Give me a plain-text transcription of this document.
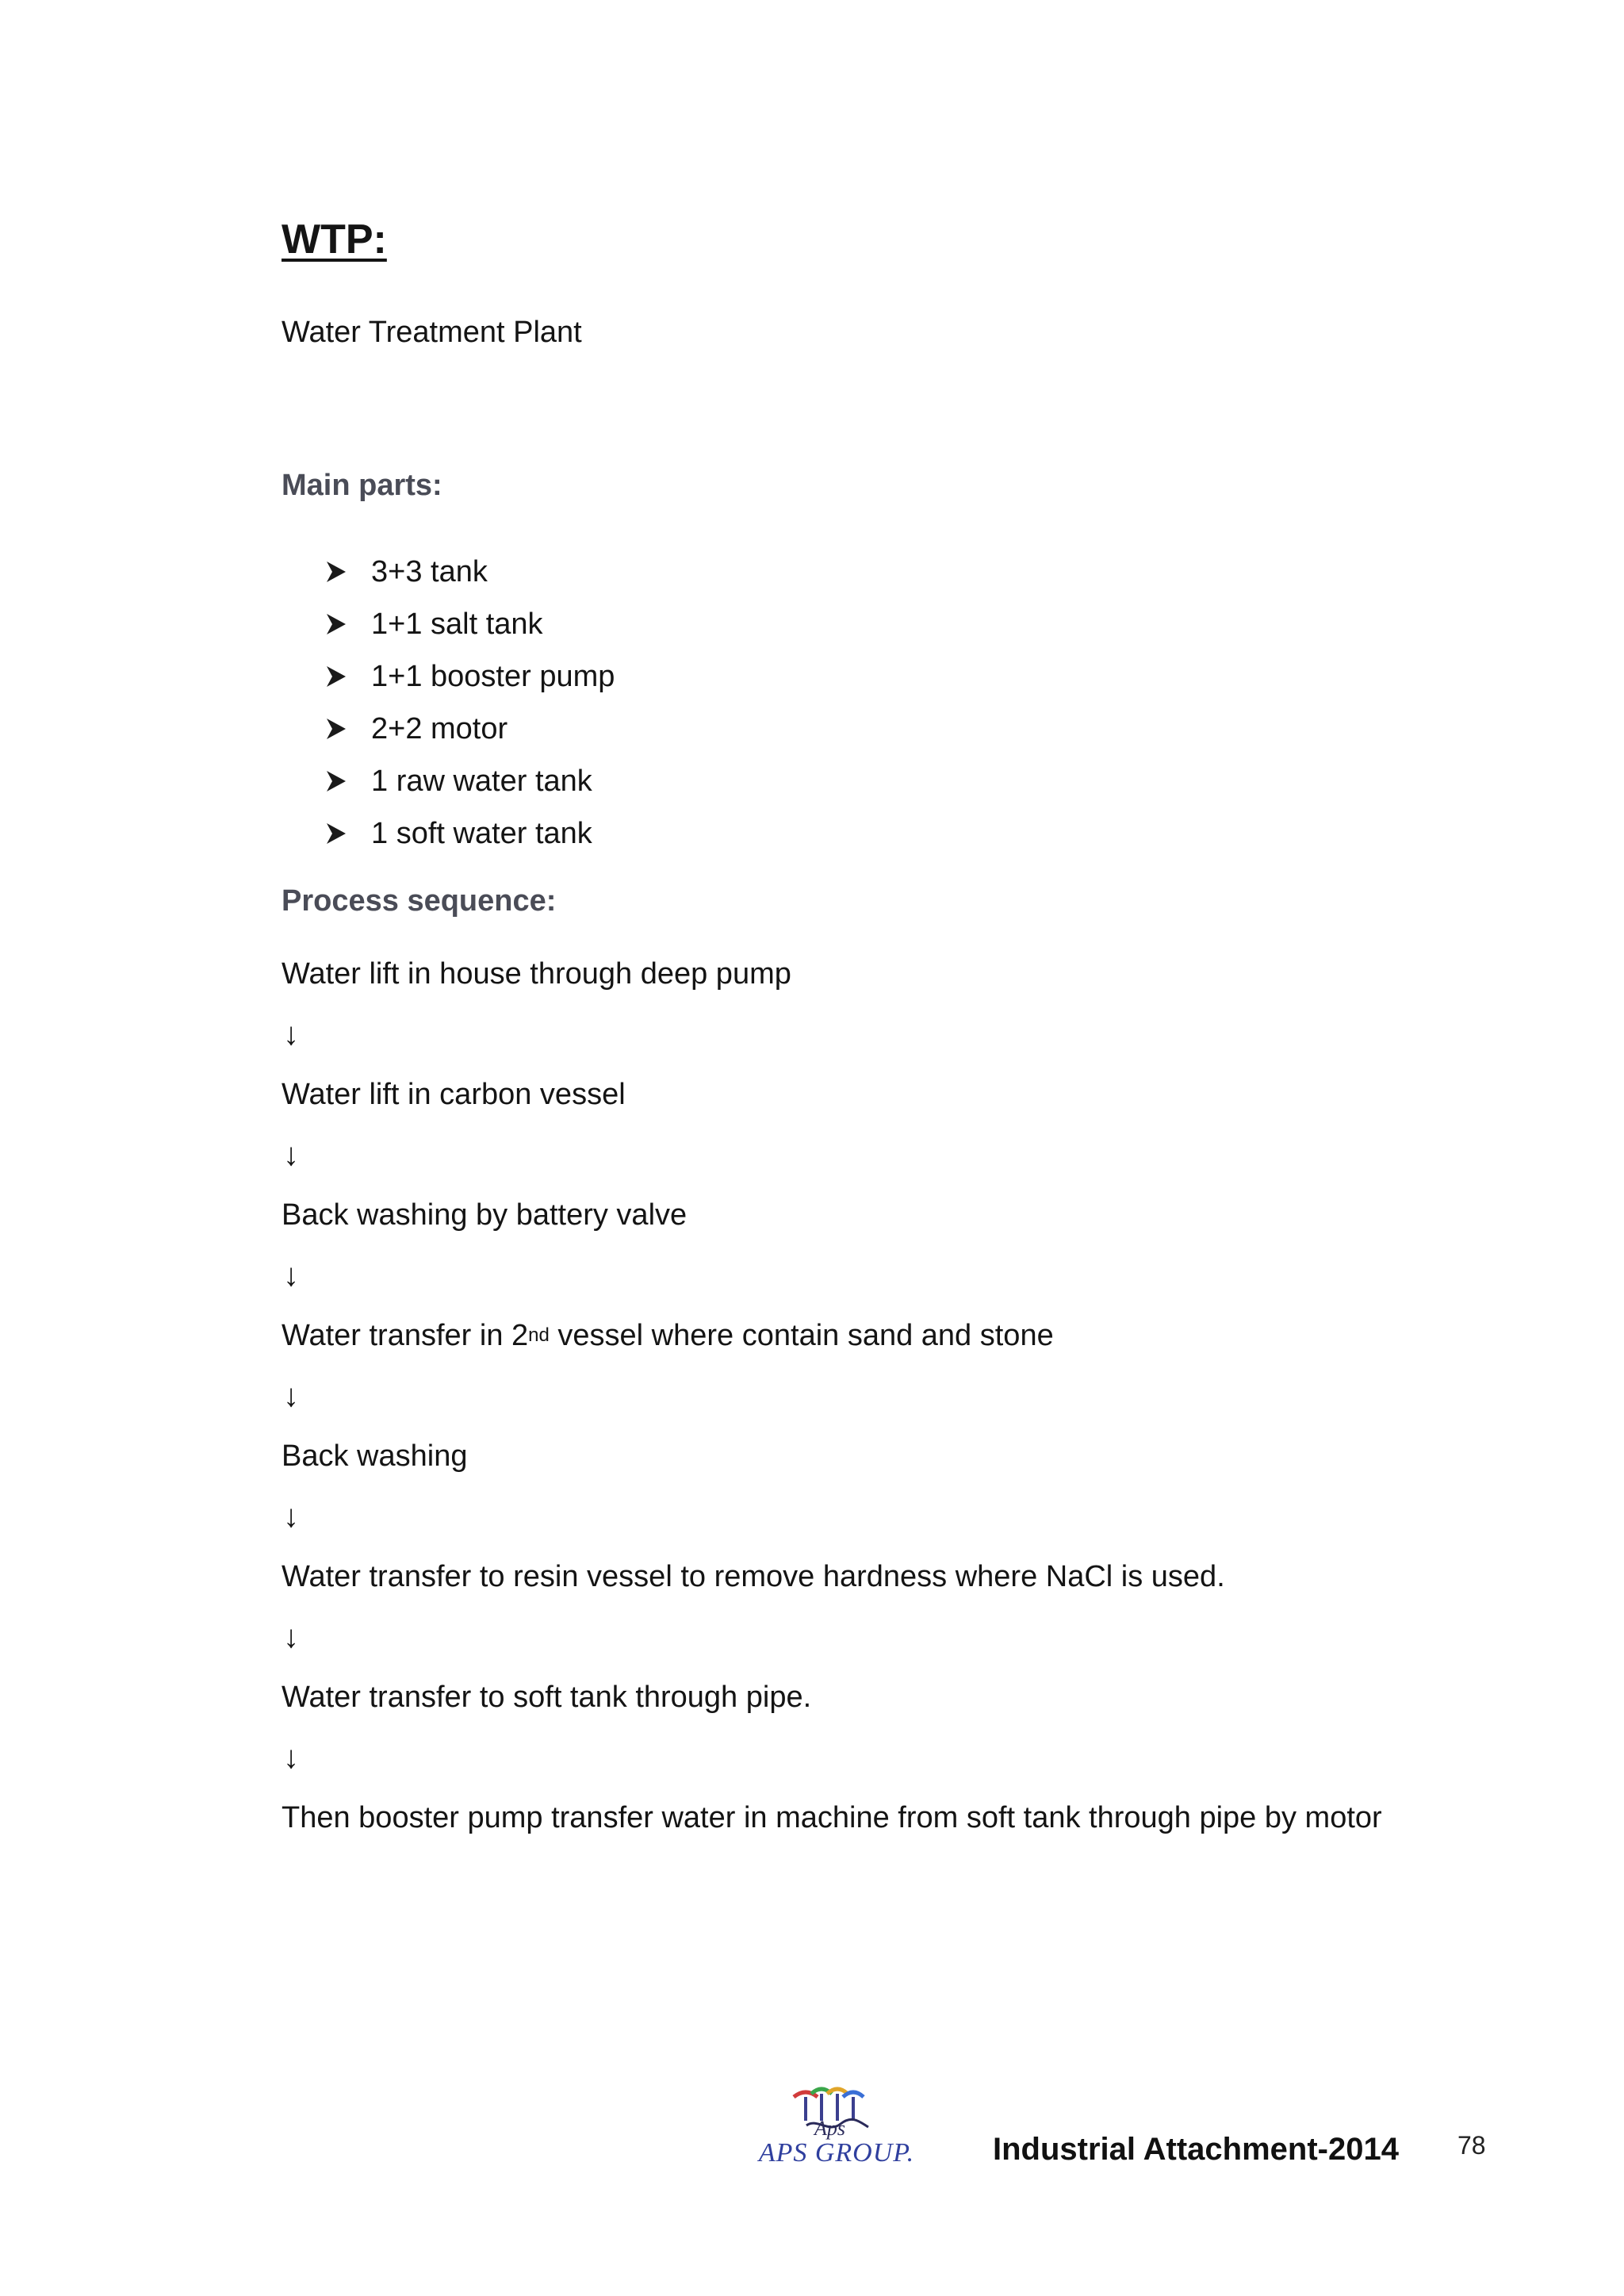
WTP:

Water Treatment Plant

Main parts:
3+3 tank
1+1 salt tank
1+1 booster pump
2+2 motor
1 raw water tank
1 soft water tank
Process sequence:
Water lift in house through deep pump
↓
Water lift in carbon vessel
↓
Back washing by battery valve
↓
Water transfer in 2 nd vessel where contain sand and stone
↓
Back washing
↓
Water transfer to resin vessel to remove hardness where NaCl is used.
↓
Water transfer to soft tank through pipe.
↓
Then booster pump transfer water in machine from soft tank through pipe by motor
Aps
APS GROUP.	Industrial Attachment-2014 78
